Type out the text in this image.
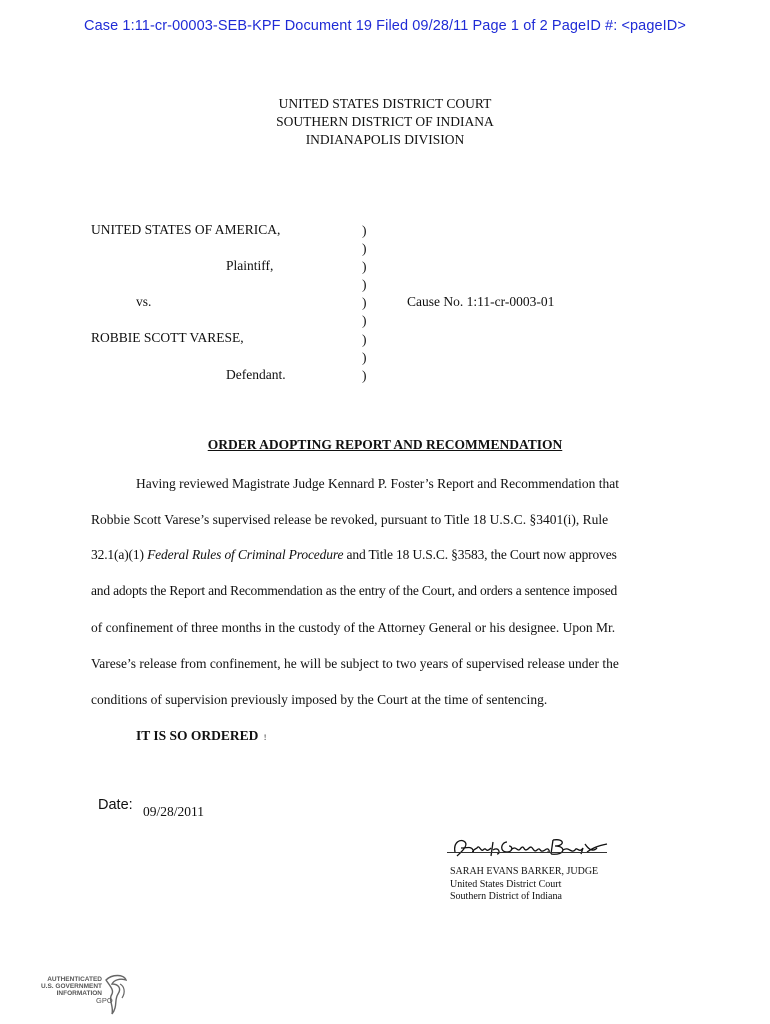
Case 1:11-cr-00003-SEB-KPF Document 19 Filed 09/28/11 Page 1 of 2 PageID #: <pageID>
UNITED STATES DISTRICT COURT
SOUTHERN DISTRICT OF INDIANA
INDIANAPOLIS DIVISION
UNITED STATES OF AMERICA,
Plaintiff,
vs.
ROBBIE SCOTT VARESE,
Defendant.
Cause No. 1:11-cr-0003-01
)
)
)
)
)
)
)
)
)
ORDER ADOPTING REPORT AND RECOMMENDATION
Having reviewed Magistrate Judge Kennard P. Foster’s Report and Recommendation that
Robbie Scott Varese’s supervised release be revoked, pursuant to Title 18 U.S.C. §3401(i), Rule
32.1(a)(1) Federal Rules of Criminal Procedure and Title 18 U.S.C. §3583, the Court now approves
and adopts the Report and Recommendation as the entry of the Court, and orders a sentence imposed
of confinement of three months in the custody of the Attorney General or his designee. Upon Mr.
Varese’s release from confinement, he will be subject to two years of supervised release under the
conditions of supervision previously imposed by the Court at the time of sentencing.
IT IS SO ORDERED !
Date: 09/28/2011
SARAH EVANS BARKER, JUDGE
United States District Court
Southern District of Indiana
AUTHENTICATED
U.S. GOVERNMENT
INFORMATION
GPO
